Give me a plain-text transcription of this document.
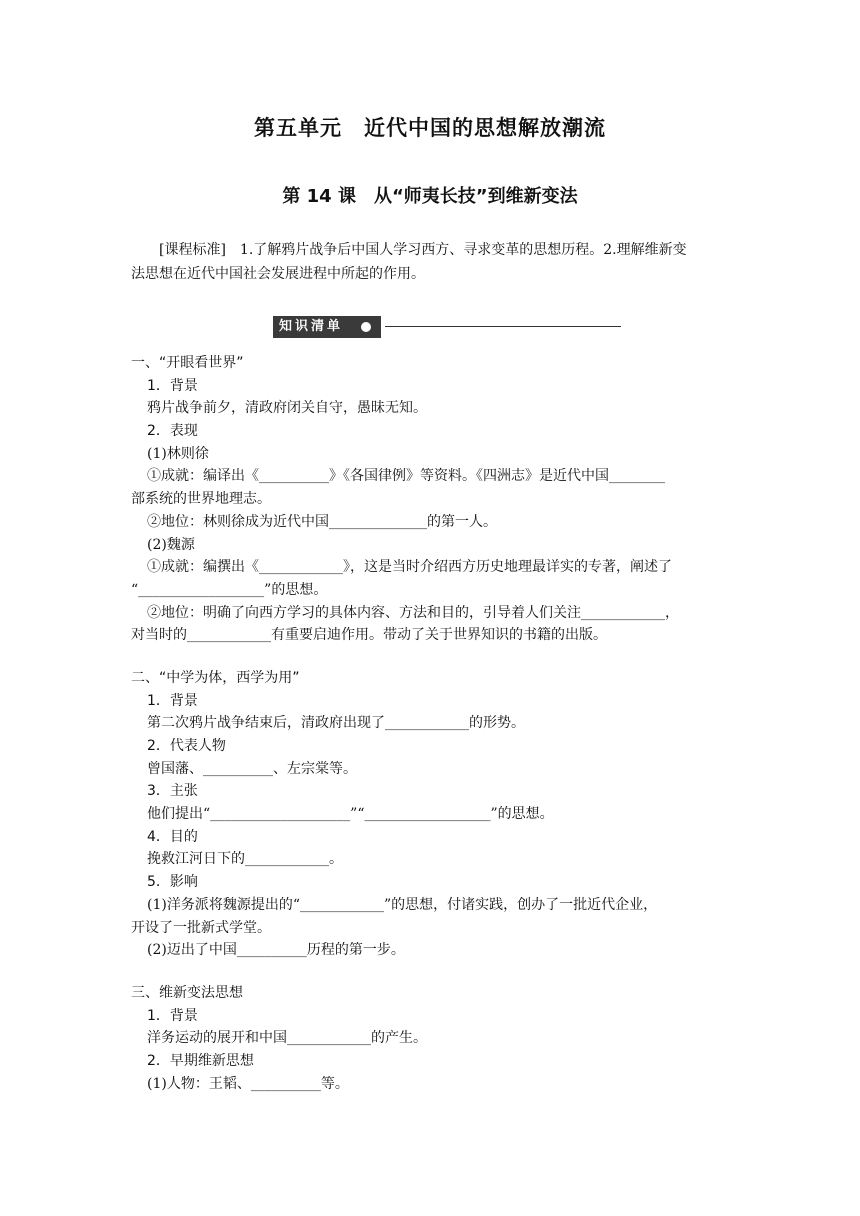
第五单元　近代中国的思想解放潮流
第 14 课　从“师夷长技”到维新变法
[课程标准]　1.了解鸦片战争后中国人学习西方、寻求变革的思想历程。2.理解维新变
法思想在近代中国社会发展进程中所起的作用。
知识清单
一、“开眼看世界”
1．背景
鸦片战争前夕，清政府闭关自守，愚昧无知。
2．表现
(1)林则徐
①成就：编译出《__________》《各国律例》等资料。《四洲志》是近代中国________
部系统的世界地理志。
②地位：林则徐成为近代中国______________的第一人。
(2)魏源
①成就：编撰出《____________》，这是当时介绍西方历史地理最详实的专著，阐述了
“__________________”的思想。
②地位：明确了向西方学习的具体内容、方法和目的，引导着人们关注____________，
对当时的____________有重要启迪作用。带动了关于世界知识的书籍的出版。
二、“中学为体，西学为用”
1．背景
第二次鸦片战争结束后，清政府出现了____________的形势。
2．代表人物
曾国藩、__________、左宗棠等。
3．主张
他们提出“____________________”“__________________”的思想。
4．目的
挽救江河日下的____________。
5．影响
(1)洋务派将魏源提出的“____________”的思想，付诸实践，创办了一批近代企业，
开设了一批新式学堂。
(2)迈出了中国__________历程的第一步。
三、维新变法思想
1．背景
洋务运动的展开和中国____________的产生。
2．早期维新思想
(1)人物：王韬、__________等。
